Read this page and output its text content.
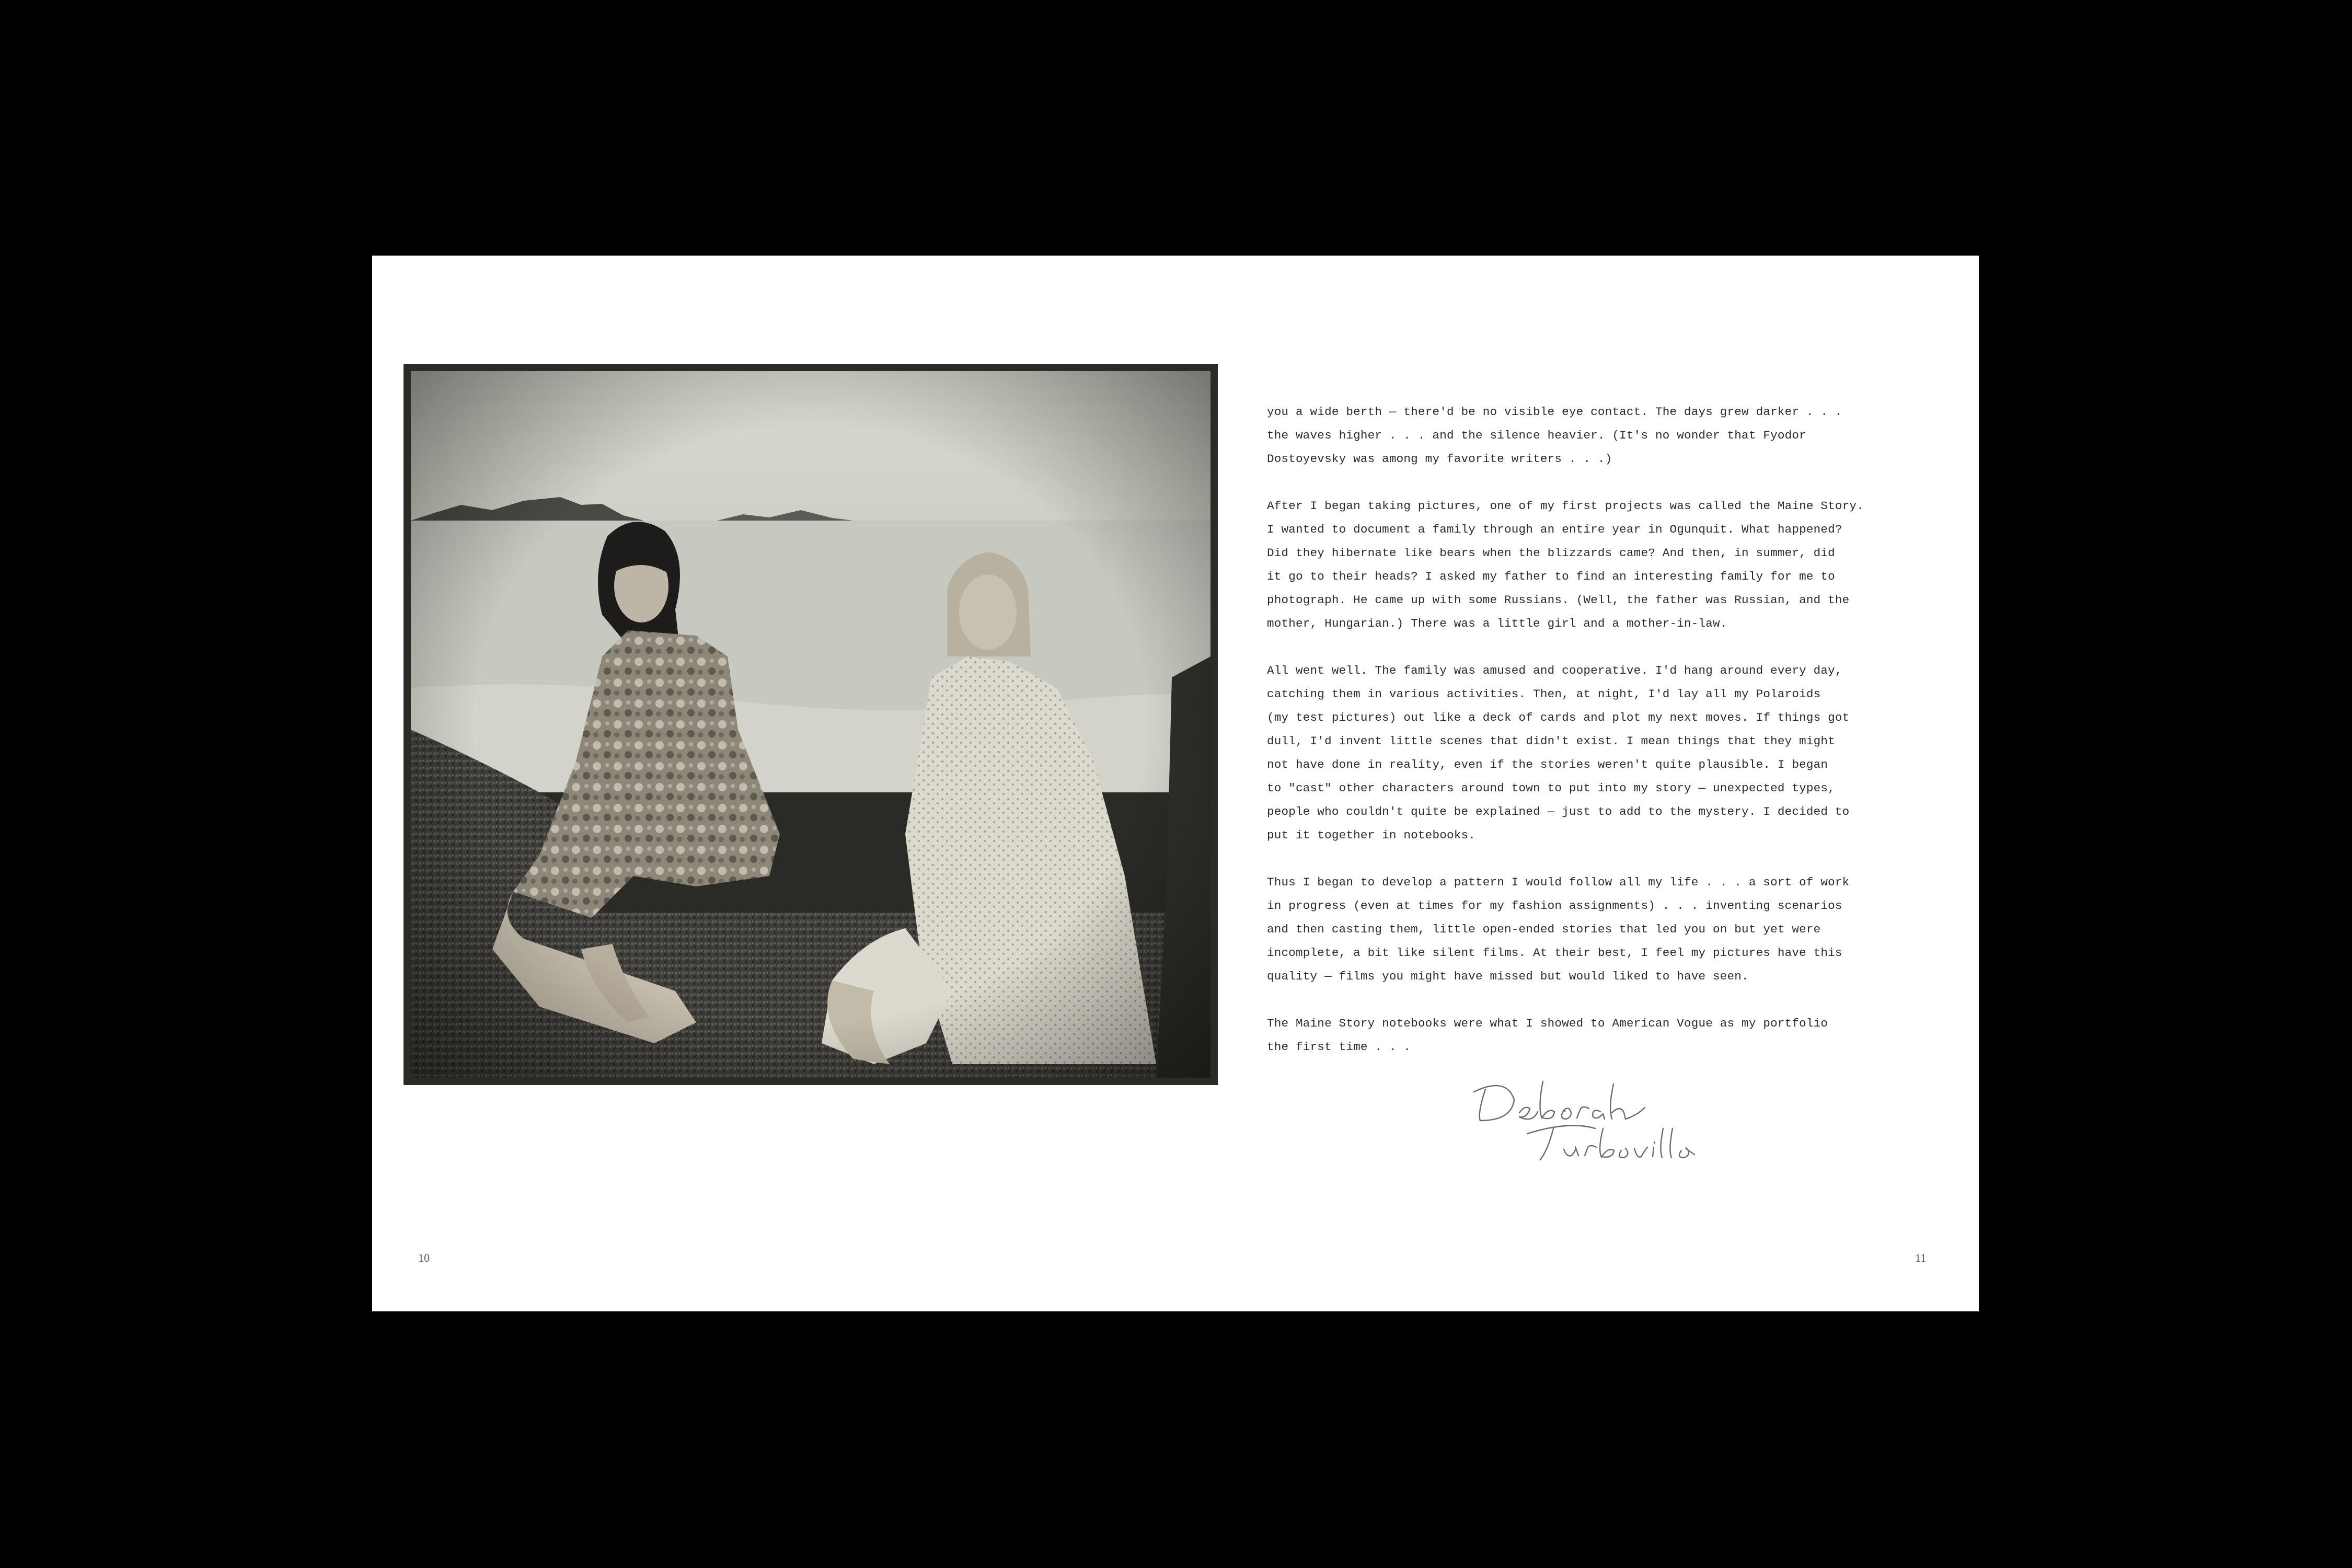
you a wide berth — there'd be no visible eye contact. The days grew darker . . .
the waves higher . . . and the silence heavier. (It's no wonder that Fyodor
Dostoyevsky was among my favorite writers . . .)
After I began taking pictures, one of my first projects was called the Maine Story.
I wanted to document a family through an entire year in Ogunquit. What happened?
Did they hibernate like bears when the blizzards came? And then, in summer, did
it go to their heads? I asked my father to find an interesting family for me to
photograph. He came up with some Russians. (Well, the father was Russian, and the
mother, Hungarian.) There was a little girl and a mother-in-law.
All went well. The family was amused and cooperative. I'd hang around every day,
catching them in various activities. Then, at night, I'd lay all my Polaroids
(my test pictures) out like a deck of cards and plot my next moves. If things got
dull, I'd invent little scenes that didn't exist. I mean things that they might
not have done in reality, even if the stories weren't quite plausible. I began
to "cast" other characters around town to put into my story — unexpected types,
people who couldn't quite be explained — just to add to the mystery. I decided to
put it together in notebooks.
Thus I began to develop a pattern I would follow all my life . . . a sort of work
in progress (even at times for my fashion assignments) . . . inventing scenarios
and then casting them, little open-ended stories that led you on but yet were
incomplete, a bit like silent films. At their best, I feel my pictures have this
quality — films you might have missed but would liked to have seen.
The Maine Story notebooks were what I showed to American Vogue as my portfolio
the first time . . .
10	11
